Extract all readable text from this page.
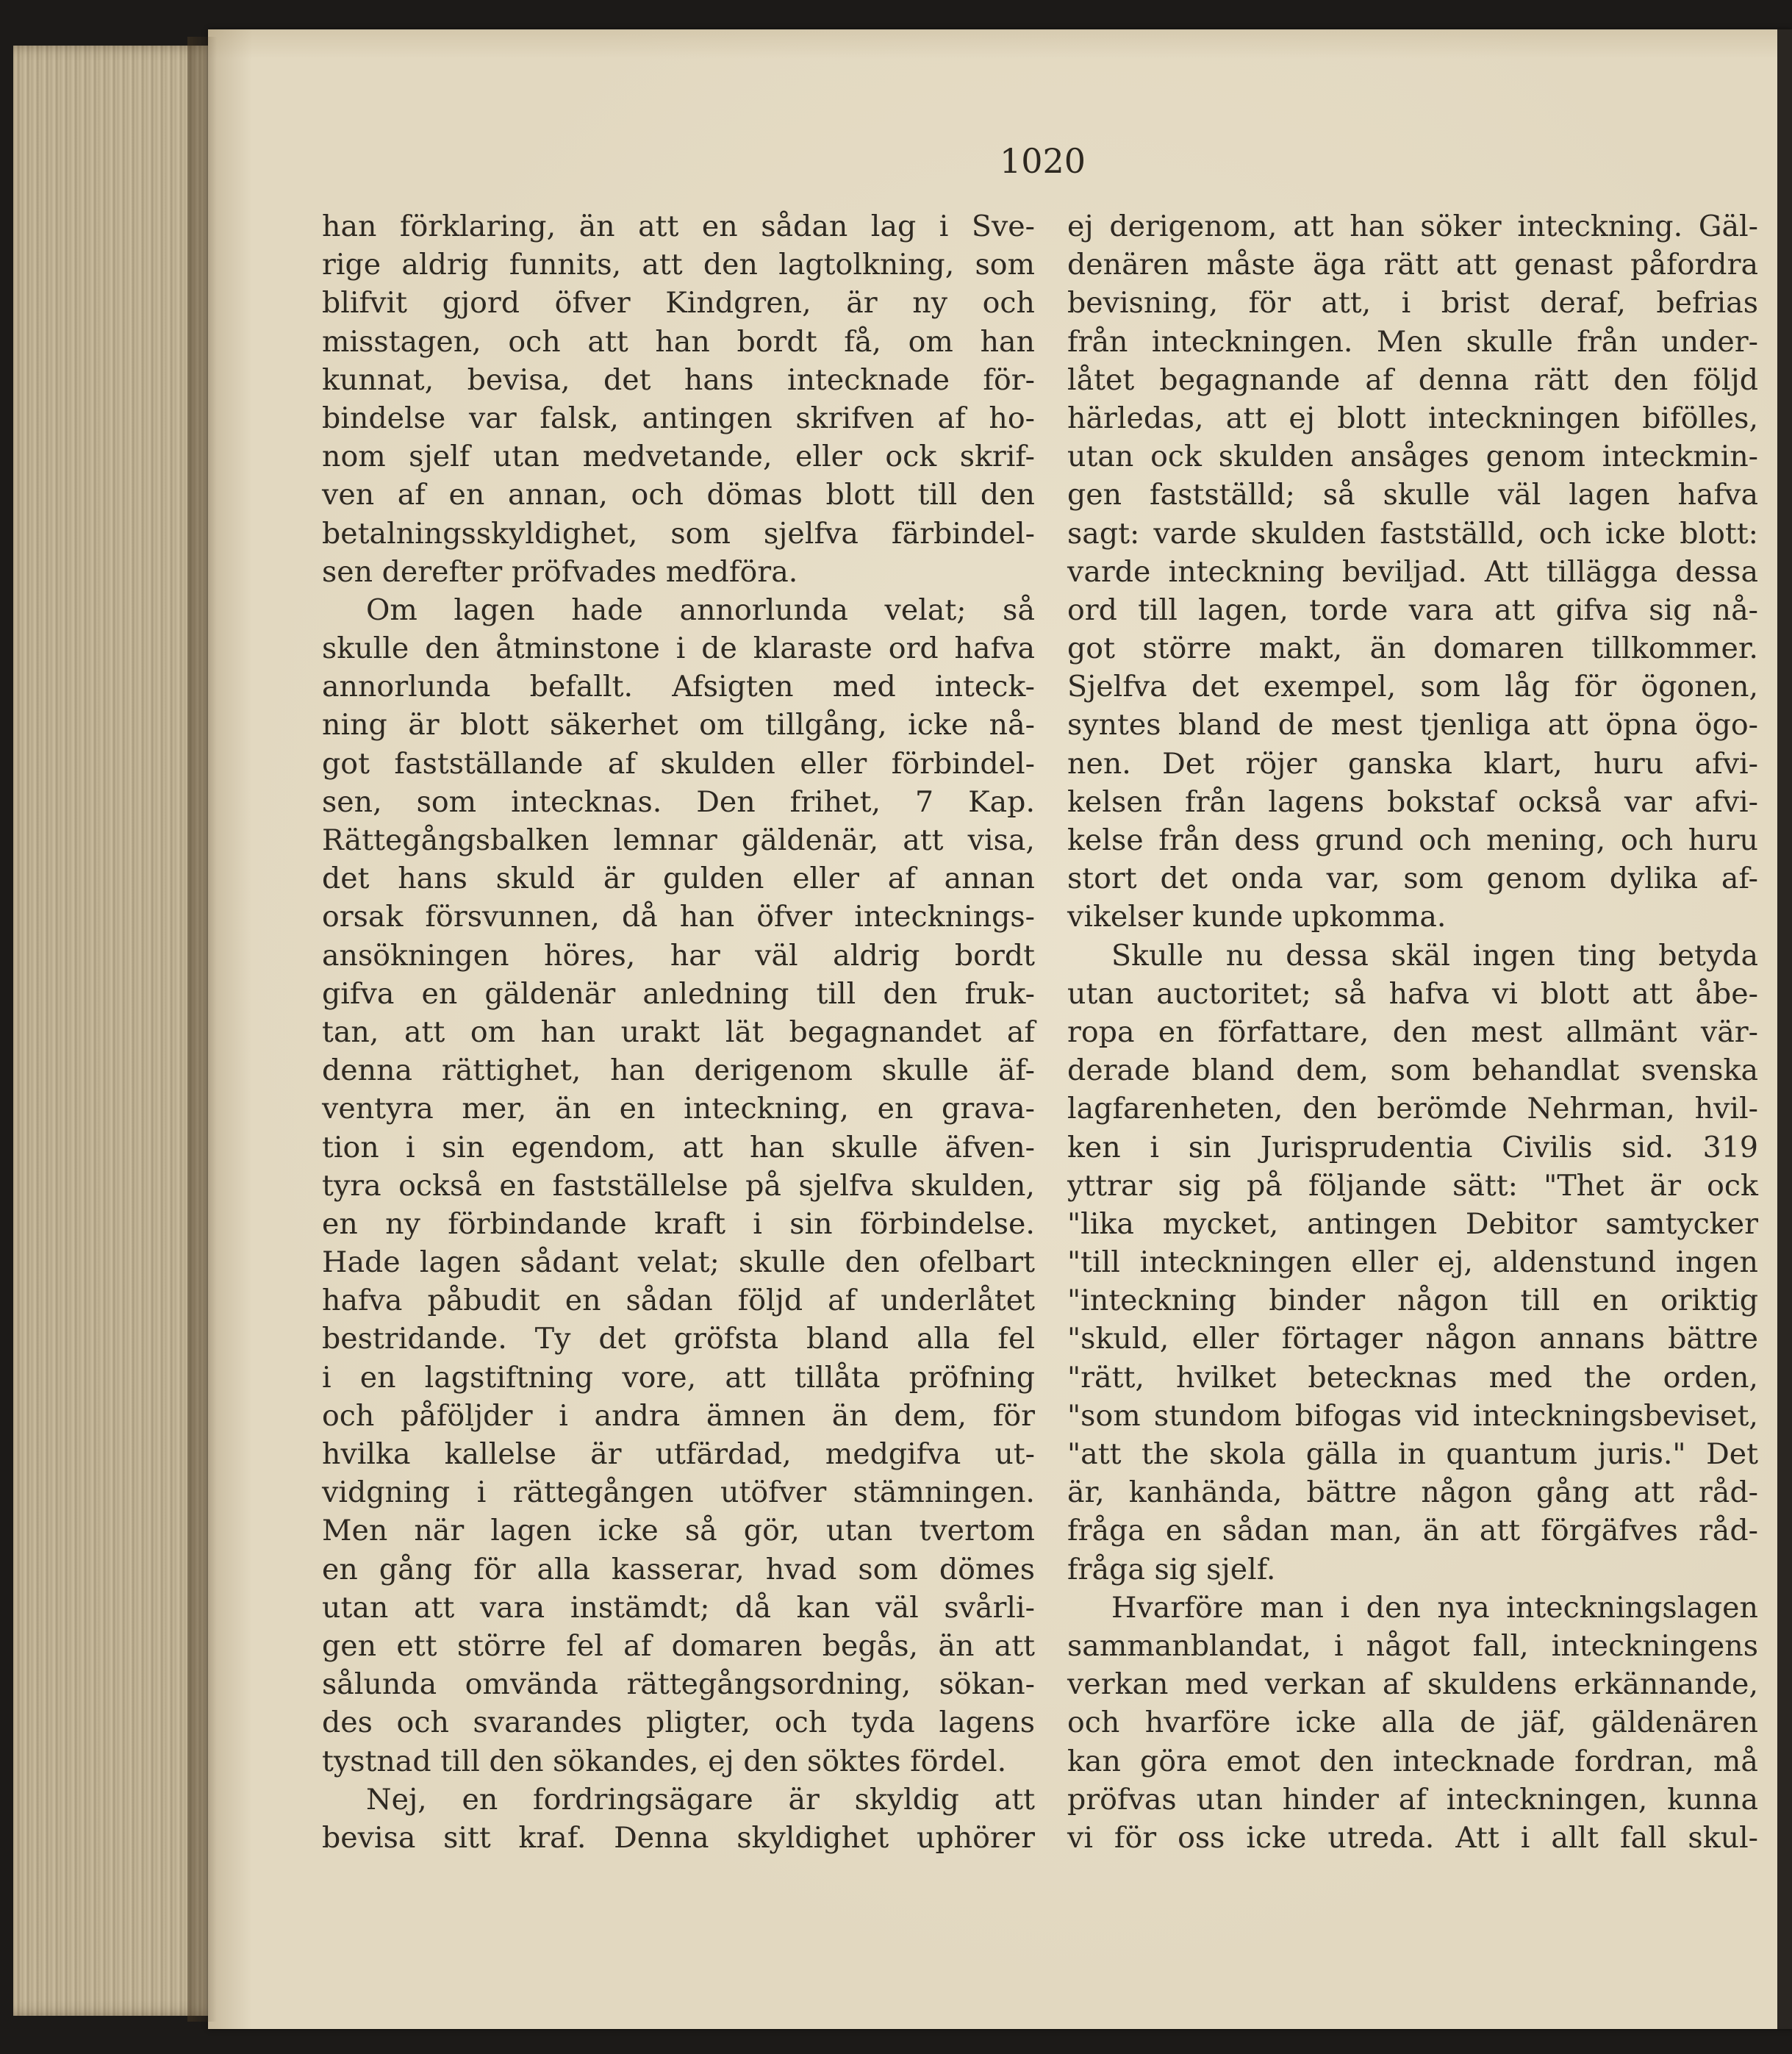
1020
han förklaring, än att en sådan lag i Sve-
rige aldrig funnits, att den lagtolkning, som
blifvit gjord öfver Kindgren, är ny och
misstagen, och att han bordt få, om han
kunnat, bevisa, det hans intecknade för-
bindelse var falsk, antingen skrifven af ho-
nom sjelf utan medvetande, eller ock skrif-
ven af en annan, och dömas blott till den
betalningsskyldighet, som sjelfva färbindel-
sen derefter pröfvades medföra.
Om lagen hade annorlunda velat; så
skulle den åtminstone i de klaraste ord hafva
annorlunda befallt. Afsigten med inteck-
ning är blott säkerhet om tillgång, icke nå-
got fastställande af skulden eller förbindel-
sen, som intecknas. Den frihet, 7 Kap.
Rättegångsbalken lemnar gäldenär, att visa,
det hans skuld är gulden eller af annan
orsak försvunnen, då han öfver intecknings-
ansökningen höres, har väl aldrig bordt
gifva en gäldenär anledning till den fruk-
tan, att om han urakt lät begagnandet af
denna rättighet, han derigenom skulle äf-
ventyra mer, än en inteckning, en grava-
tion i sin egendom, att han skulle äfven-
tyra också en fastställelse på sjelfva skulden,
en ny förbindande kraft i sin förbindelse.
Hade lagen sådant velat; skulle den ofelbart
hafva påbudit en sådan följd af underlåtet
bestridande. Ty det gröfsta bland alla fel
i en lagstiftning vore, att tillåta pröfning
och påföljder i andra ämnen än dem, för
hvilka kallelse är utfärdad, medgifva ut-
vidgning i rättegången utöfver stämningen.
Men när lagen icke så gör, utan tvertom
en gång för alla kasserar, hvad som dömes
utan att vara instämdt; då kan väl svårli-
gen ett större fel af domaren begås, än att
sålunda omvända rättegångsordning, sökan-
des och svarandes pligter, och tyda lagens
tystnad till den sökandes, ej den söktes fördel.
Nej, en fordringsägare är skyldig att
bevisa sitt kraf. Denna skyldighet uphörer
ej derigenom, att han söker inteckning. Gäl-
denären måste äga rätt att genast påfordra
bevisning, för att, i brist deraf, befrias
från inteckningen. Men skulle från under-
låtet begagnande af denna rätt den följd
härledas, att ej blott inteckningen bifölles,
utan ock skulden ansåges genom inteckmin-
gen fastställd; så skulle väl lagen hafva
sagt: varde skulden fastställd, och icke blott:
varde inteckning beviljad. Att tillägga dessa
ord till lagen, torde vara att gifva sig nå-
got större makt, än domaren tillkommer.
Sjelfva det exempel, som låg för ögonen,
syntes bland de mest tjenliga att öpna ögo-
nen. Det röjer ganska klart, huru afvi-
kelsen från lagens bokstaf också var afvi-
kelse från dess grund och mening, och huru
stort det onda var, som genom dylika af-
vikelser kunde upkomma.
Skulle nu dessa skäl ingen ting betyda
utan auctoritet; så hafva vi blott att åbe-
ropa en författare, den mest allmänt vär-
derade bland dem, som behandlat svenska
lagfarenheten, den berömde Nehrman, hvil-
ken i sin Jurisprudentia Civilis sid. 319
yttrar sig på följande sätt: "Thet är ock
"lika mycket, antingen Debitor samtycker
"till inteckningen eller ej, aldenstund ingen
"inteckning binder någon till en oriktig
"skuld, eller förtager någon annans bättre
"rätt, hvilket betecknas med the orden,
"som stundom bifogas vid inteckningsbeviset,
"att the skola gälla in quantum juris." Det
är, kanhända, bättre någon gång att råd-
fråga en sådan man, än att förgäfves råd-
fråga sig sjelf.
Hvarföre man i den nya inteckningslagen
sammanblandat, i något fall, inteckningens
verkan med verkan af skuldens erkännande,
och hvarföre icke alla de jäf, gäldenären
kan göra emot den intecknade fordran, må
pröfvas utan hinder af inteckningen, kunna
vi för oss icke utreda. Att i allt fall skul-
